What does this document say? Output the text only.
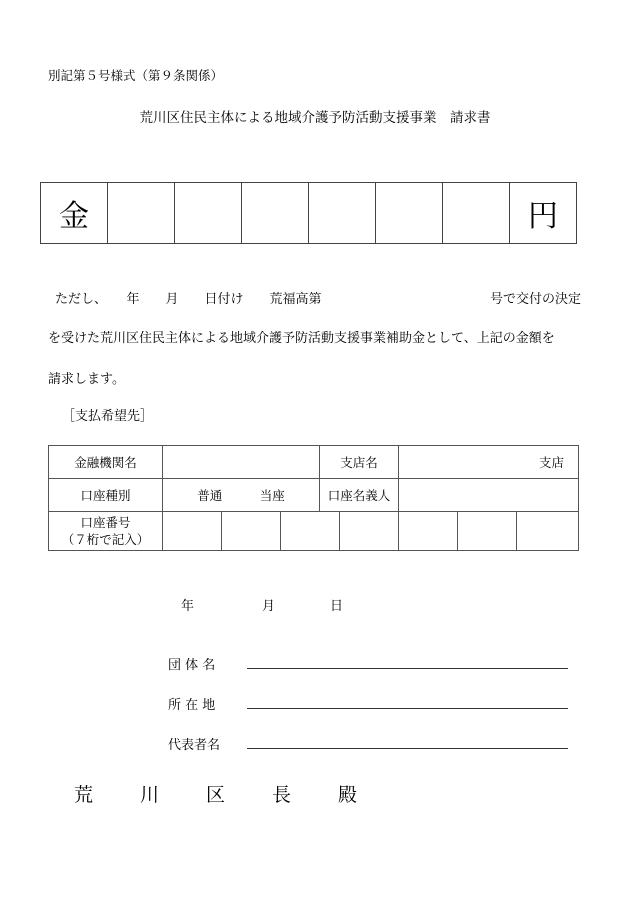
別記第５号様式（第９条関係）
荒川区住民主体による地域介護予防活動支援事業　請求書
金							円
ただし、　　年　　月　　日付け　　荒福高第	号で交付の決定
を受けた荒川区住民主体による地域介護予防活動支援事業補助金として、上記の金額を
請求します。
［支払希望先］
金融機関名				支店名		支店		
口座種別	普通　　　当座			口座名義人				

口座番号
（７桁で記入）								

年	月	日
団 体 名
所 在 地
代表者名
荒　川　区　長　殿
